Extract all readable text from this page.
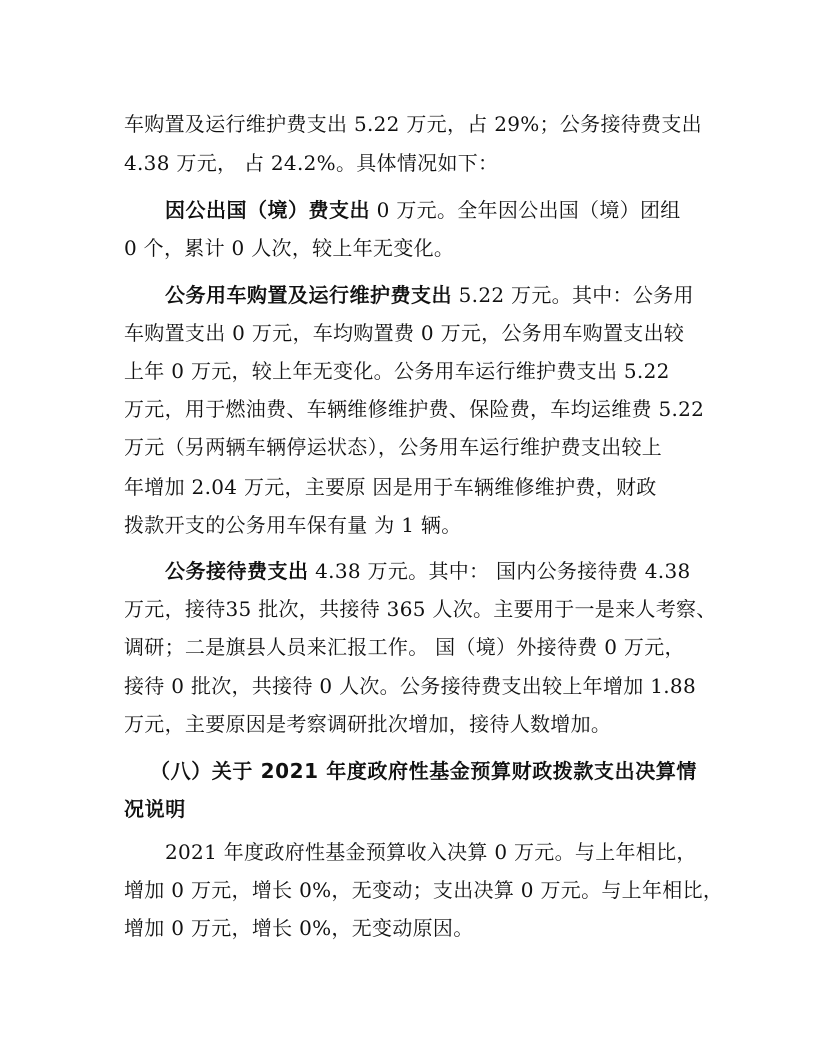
车购置及运行维护费支出 5.22 万元，占 29%；公务接待费支出
4.38 万元， 占 24.2%。具体情况如下：
因公出国（境）费支出 0 万元。全年因公出国（境）团组
0 个，累计 0 人次，较上年无变化。
公务用车购置及运行维护费支出 5.22 万元。其中：公务用
车购置支出 0 万元，车均购置费 0 万元，公务用车购置支出较
上年 0 万元，较上年无变化。公务用车运行维护费支出 5.22
万元，用于燃油费、车辆维修维护费、保险费，车均运维费 5.22
万元（另两辆车辆停运状态），公务用车运行维护费支出较上
年增加 2.04 万元，主要原 因是用于车辆维修维护费，财政
拨款开支的公务用车保有量 为 1 辆。
公务接待费支出 4.38 万元。其中： 国内公务接待费 4.38
万元，接待35 批次，共接待 365 人次。主要用于一是来人考察、
调研；二是旗县人员来汇报工作。 国（境）外接待费 0 万元，
接待 0 批次，共接待 0 人次。公务接待费支出较上年增加 1.88
万元，主要原因是考察调研批次增加，接待人数增加。
（八）关于 2021 年度政府性基金预算财政拨款支出决算情
况说明
2021 年度政府性基金预算收入决算 0 万元。与上年相比，
增加 0 万元，增长 0%，无变动；支出决算 0 万元。与上年相比，
增加 0 万元，增长 0%，无变动原因。
